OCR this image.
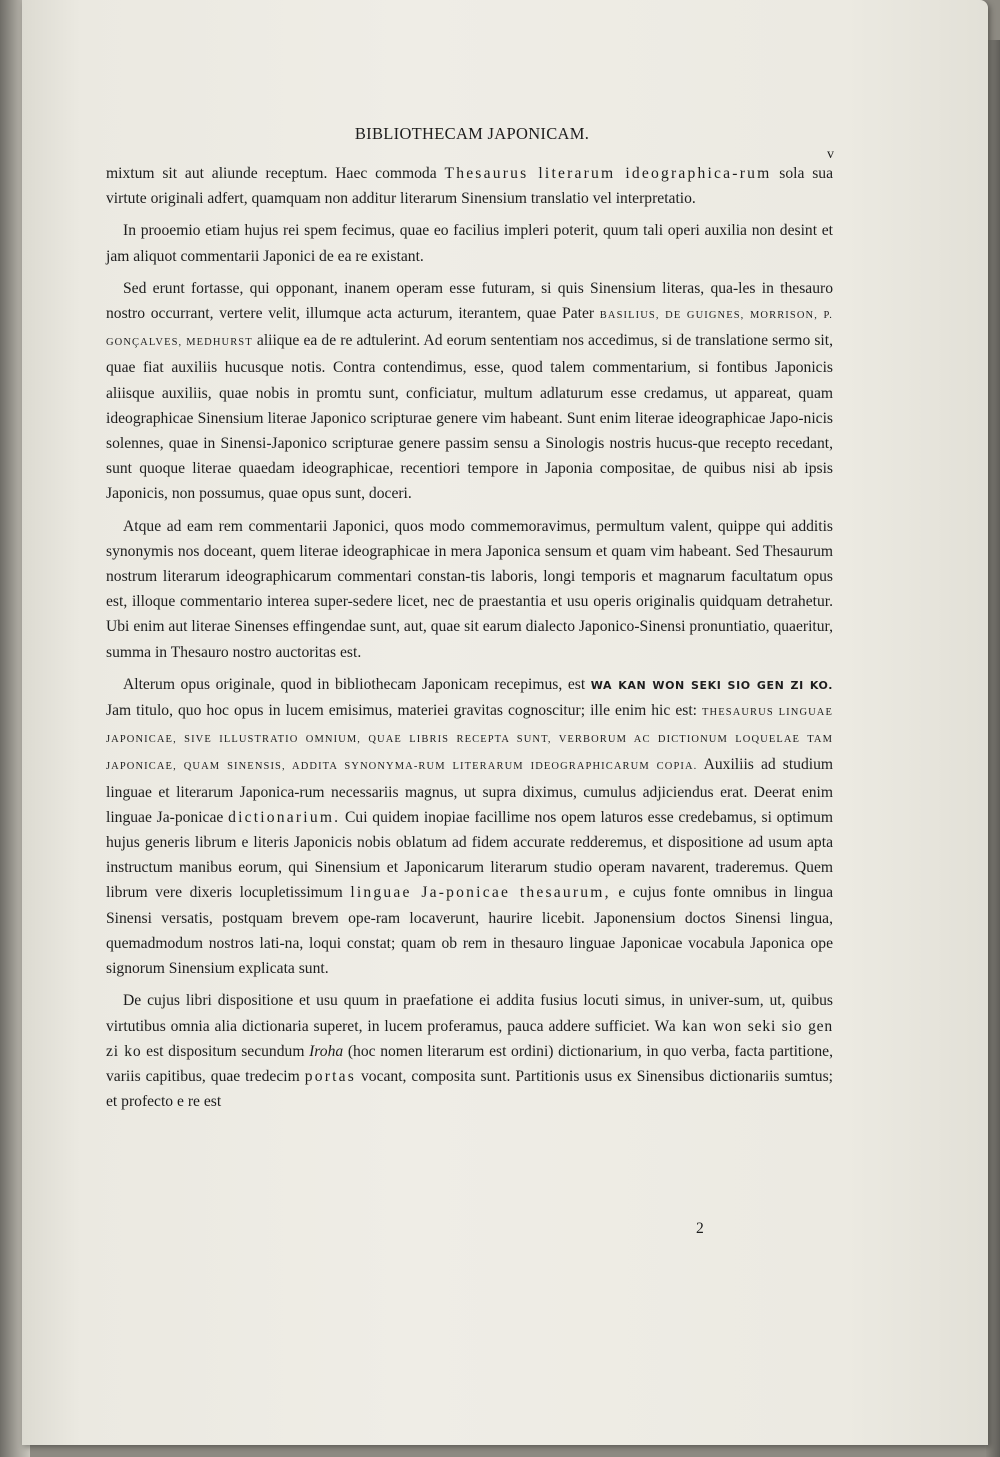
BIBLIOTHECAM JAPONICAM.
v

mixtum sit aut aliunde receptum. Haec commoda Thesaurus literarum ideographica-rum sola sua virtute originali adfert, quamquam non additur literarum Sinensium translatio vel interpretatio.

In prooemio etiam hujus rei spem fecimus, quae eo facilius impleri poterit, quum tali operi auxilia non desint et jam aliquot commentarii Japonici de ea re existant.

Sed erunt fortasse, qui opponant, inanem operam esse futuram, si quis Sinensium literas, qua-les in thesauro nostro occurrant, vertere velit, illumque acta acturum, iterantem, quae Pater BASILIUS, DE GUIGNES, MORRISON, P. GONÇALVES, MEDHURST aliique ea de re adtulerint. Ad eorum sententiam nos accedimus, si de translatione sermo sit, quae fiat auxiliis hucusque notis. Contra contendimus, esse, quod talem commentarium, si fontibus Japonicis aliisque auxiliis, quae nobis in promtu sunt, conficiatur, multum adlaturum esse credamus, ut appareat, quam ideographicae Sinensium literae Japonico scripturae genere vim habeant. Sunt enim literae ideographicae Japo-nicis solennes, quae in Sinensi-Japonico scripturae genere passim sensu a Sinologis nostris hucus-que recepto recedant, sunt quoque literae quaedam ideographicae, recentiori tempore in Japonia compositae, de quibus nisi ab ipsis Japonicis, non possumus, quae opus sunt, doceri.

Atque ad eam rem commentarii Japonici, quos modo commemoravimus, permultum valent, quippe qui additis synonymis nos doceant, quem literae ideographicae in mera Japonica sensum et quam vim habeant. Sed Thesaurum nostrum literarum ideographicarum commentari constan-tis laboris, longi temporis et magnarum facultatum opus est, illoque commentario interea super-sedere licet, nec de praestantia et usu operis originalis quidquam detrahetur. Ubi enim aut literae Sinenses effingendae sunt, aut, quae sit earum dialecto Japonico-Sinensi pronuntiatio, quaeritur, summa in Thesauro nostro auctoritas est.

Alterum opus originale, quod in bibliothecam Japonicam recepimus, est WA KAN WON SEKI SIO GEN ZI KO. Jam titulo, quo hoc opus in lucem emisimus, materiei gravitas cognoscitur; ille enim hic est: THESAURUS LINGUAE JAPONICAE, SIVE ILLUSTRATIO OMNIUM, QUAE LIBRIS RECEPTA SUNT, VERBORUM AC DICTIONUM LOQUELAE TAM JAPONICAE, QUAM SINENSIS, ADDITA SYNONYMA-RUM LITERARUM IDEOGRAPHICARUM COPIA. Auxiliis ad studium linguae et literarum Japonica-rum necessariis magnus, ut supra diximus, cumulus adjiciendus erat. Deerat enim linguae Ja-ponicae dictionarium. Cui quidem inopiae facillime nos opem laturos esse credebamus, si optimum hujus generis librum e literis Japonicis nobis oblatum ad fidem accurate redderemus, et dispositione ad usum apta instructum manibus eorum, qui Sinensium et Japonicarum literarum studio operam navarent, traderemus. Quem librum vere dixeris locupletissimum linguae Ja-ponicae thesaurum, e cujus fonte omnibus in lingua Sinensi versatis, postquam brevem ope-ram locaverunt, haurire licebit. Japonensium doctos Sinensi lingua, quemadmodum nostros lati-na, loqui constat; quam ob rem in thesauro linguae Japonicae vocabula Japonica ope signorum Sinensium explicata sunt.

De cujus libri dispositione et usu quum in praefatione ei addita fusius locuti simus, in univer-sum, ut, quibus virtutibus omnia alia dictionaria superet, in lucem proferamus, pauca addere sufficiet. Wa kan won seki sio gen zi ko est dispositum secundum Iroha (hoc nomen literarum est ordini) dictionarium, in quo verba, facta partitione, variis capitibus, quae tredecim portas vocant, composita sunt. Partitionis usus ex Sinensibus dictionariis sumtus; et profecto e re est

2
